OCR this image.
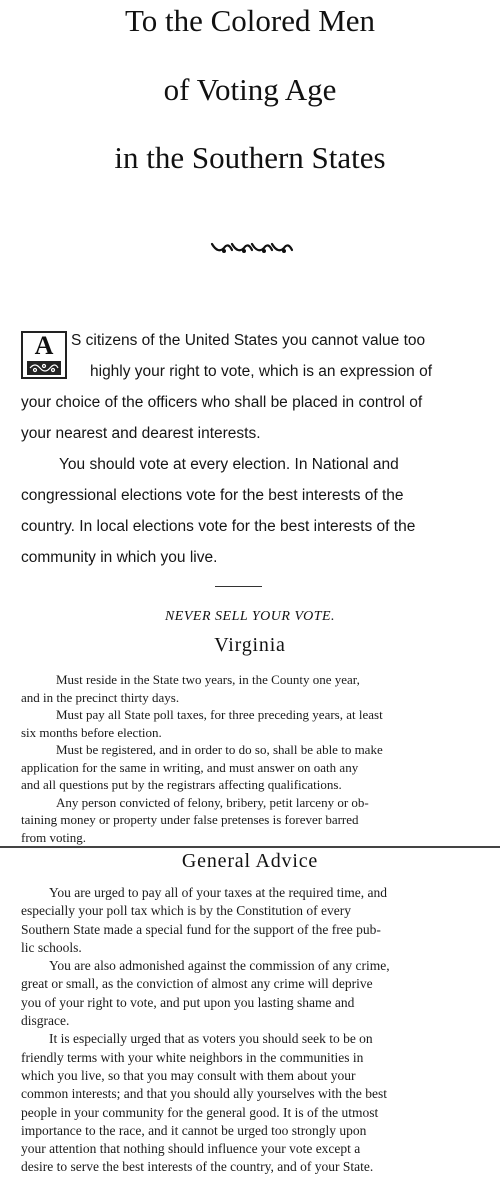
To the Colored Men
of Voting Age
in the Southern States
A	S citizens of the United States you cannot value too
highly your right to vote, which is an expression of
your choice of the officers who shall be placed in control of
your nearest and dearest interests.
You should vote at every election. In National and
congressional elections vote for the best interests of the
country. In local elections vote for the best interests of the
community in which you live.
NEVER SELL YOUR VOTE.
Virginia
Must reside in the State two years, in the County one year,
and in the precinct thirty days.
Must pay all State poll taxes, for three preceding years, at least
six months before election.
Must be registered, and in order to do so, shall be able to make
application for the same in writing, and must answer on oath any
and all questions put by the registrars affecting qualifications.
Any person convicted of felony, bribery, petit larceny or ob-
taining money or property under false pretenses is forever barred
from voting.
General Advice
You are urged to pay all of your taxes at the required time, and
especially your poll tax which is by the Constitution of every
Southern State made a special fund for the support of the free pub-
lic schools.
You are also admonished against the commission of any crime,
great or small, as the conviction of almost any crime will deprive
you of your right to vote, and put upon you lasting shame and
disgrace.
It is especially urged that as voters you should seek to be on
friendly terms with your white neighbors in the communities in
which you live, so that you may consult with them about your
common interests; and that you should ally yourselves with the best
people in your community for the general good. It is of the utmost
importance to the race, and it cannot be urged too strongly upon
your attention that nothing should influence your vote except a
desire to serve the best interests of the country, and of your State.
